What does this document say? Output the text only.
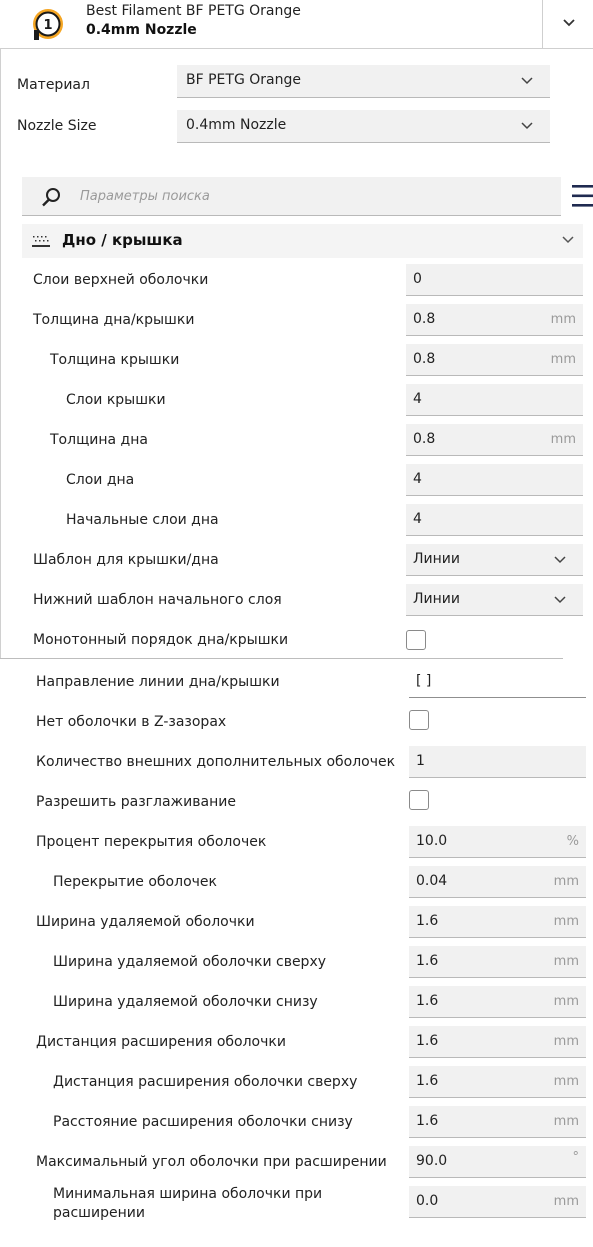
1
Best Filament BF PETG Orange
0.4mm Nozzle
Материал	BF PETG Orange
Nozzle Size	0.4mm Nozzle
Параметры поиска
Дно / крышка
Слои верхней оболочки	0
Толщина дна/крышки	0.8	mm
Толщина крышки	0.8	mm
Слои крышки	4
Толщина дна	0.8	mm
Слои дна	4
Начальные слои дна	4
Шаблон для крышки/дна	Линии
Нижний шаблон начального слоя	Линии
Монотонный порядок дна/крышки
Направление линии дна/крышки	[ ]
Нет оболочки в Z-зазорах
Количество внешних дополнительных оболочек 1
Разрешить разглаживание
Процент перекрытия оболочек	10.0	%
Перекрытие оболочек	0.04	mm
Ширина удаляемой оболочки	1.6	mm
Ширина удаляемой оболочки сверху	1.6	mm
Ширина удаляемой оболочки снизу	1.6	mm
Дистанция расширения оболочки	1.6	mm
Дистанция расширения оболочки сверху	1.6	mm
Расстояние расширения оболочки снизу	1.6	mm
Максимальный угол оболочки при расширении 90.0	°
Минимальная ширина оболочки при
расширении
0.0	mm
